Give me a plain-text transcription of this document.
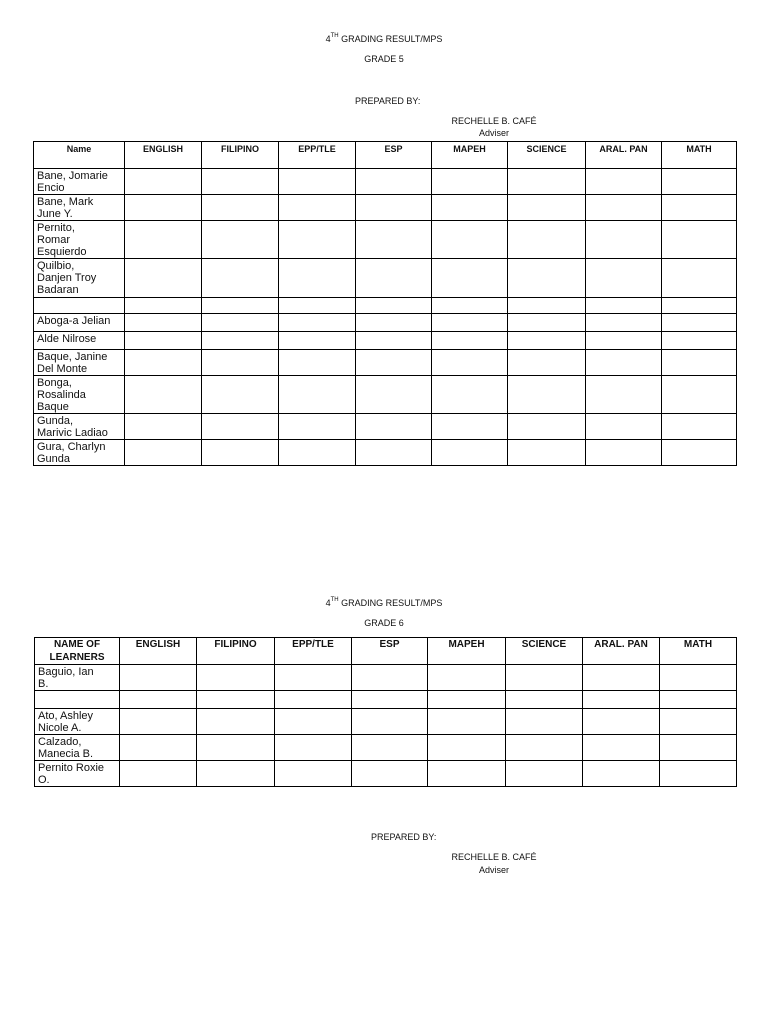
4TH GRADING RESULT/MPS
GRADE 5
PREPARED BY:
RECHELLE B. CAFÉ
Adviser
Name	ENGLISH	FILIPINO	EPP/TLE	ESP	MAPEH	SCIENCE	ARAL. PAN	MATH

Bane, Jomarie
Encio								

Bane, Mark
June Y.								

Pernito,
Romar
Esquierdo								

Quilbio,
Danjen Troy
Badaran								

Aboga-a Jelian								

Alde Nilrose								

Baque, Janine
Del Monte								

Bonga,
Rosalinda
Baque								

Gunda,
Marivic Ladiao								

Gura, Charlyn
Gunda								

4TH GRADING RESULT/MPS
GRADE 6
NAME OF LEARNERS	ENGLISH	FILIPINO	EPP/TLE	ESP	MAPEH	SCIENCE	ARAL. PAN	MATH

Baguio, Ian
B.								

Ato, Ashley
Nicole A.								

Calzado,
Manecia B.								

Pernito Roxie
O.								

PREPARED BY:
RECHELLE B. CAFÉ
Adviser
